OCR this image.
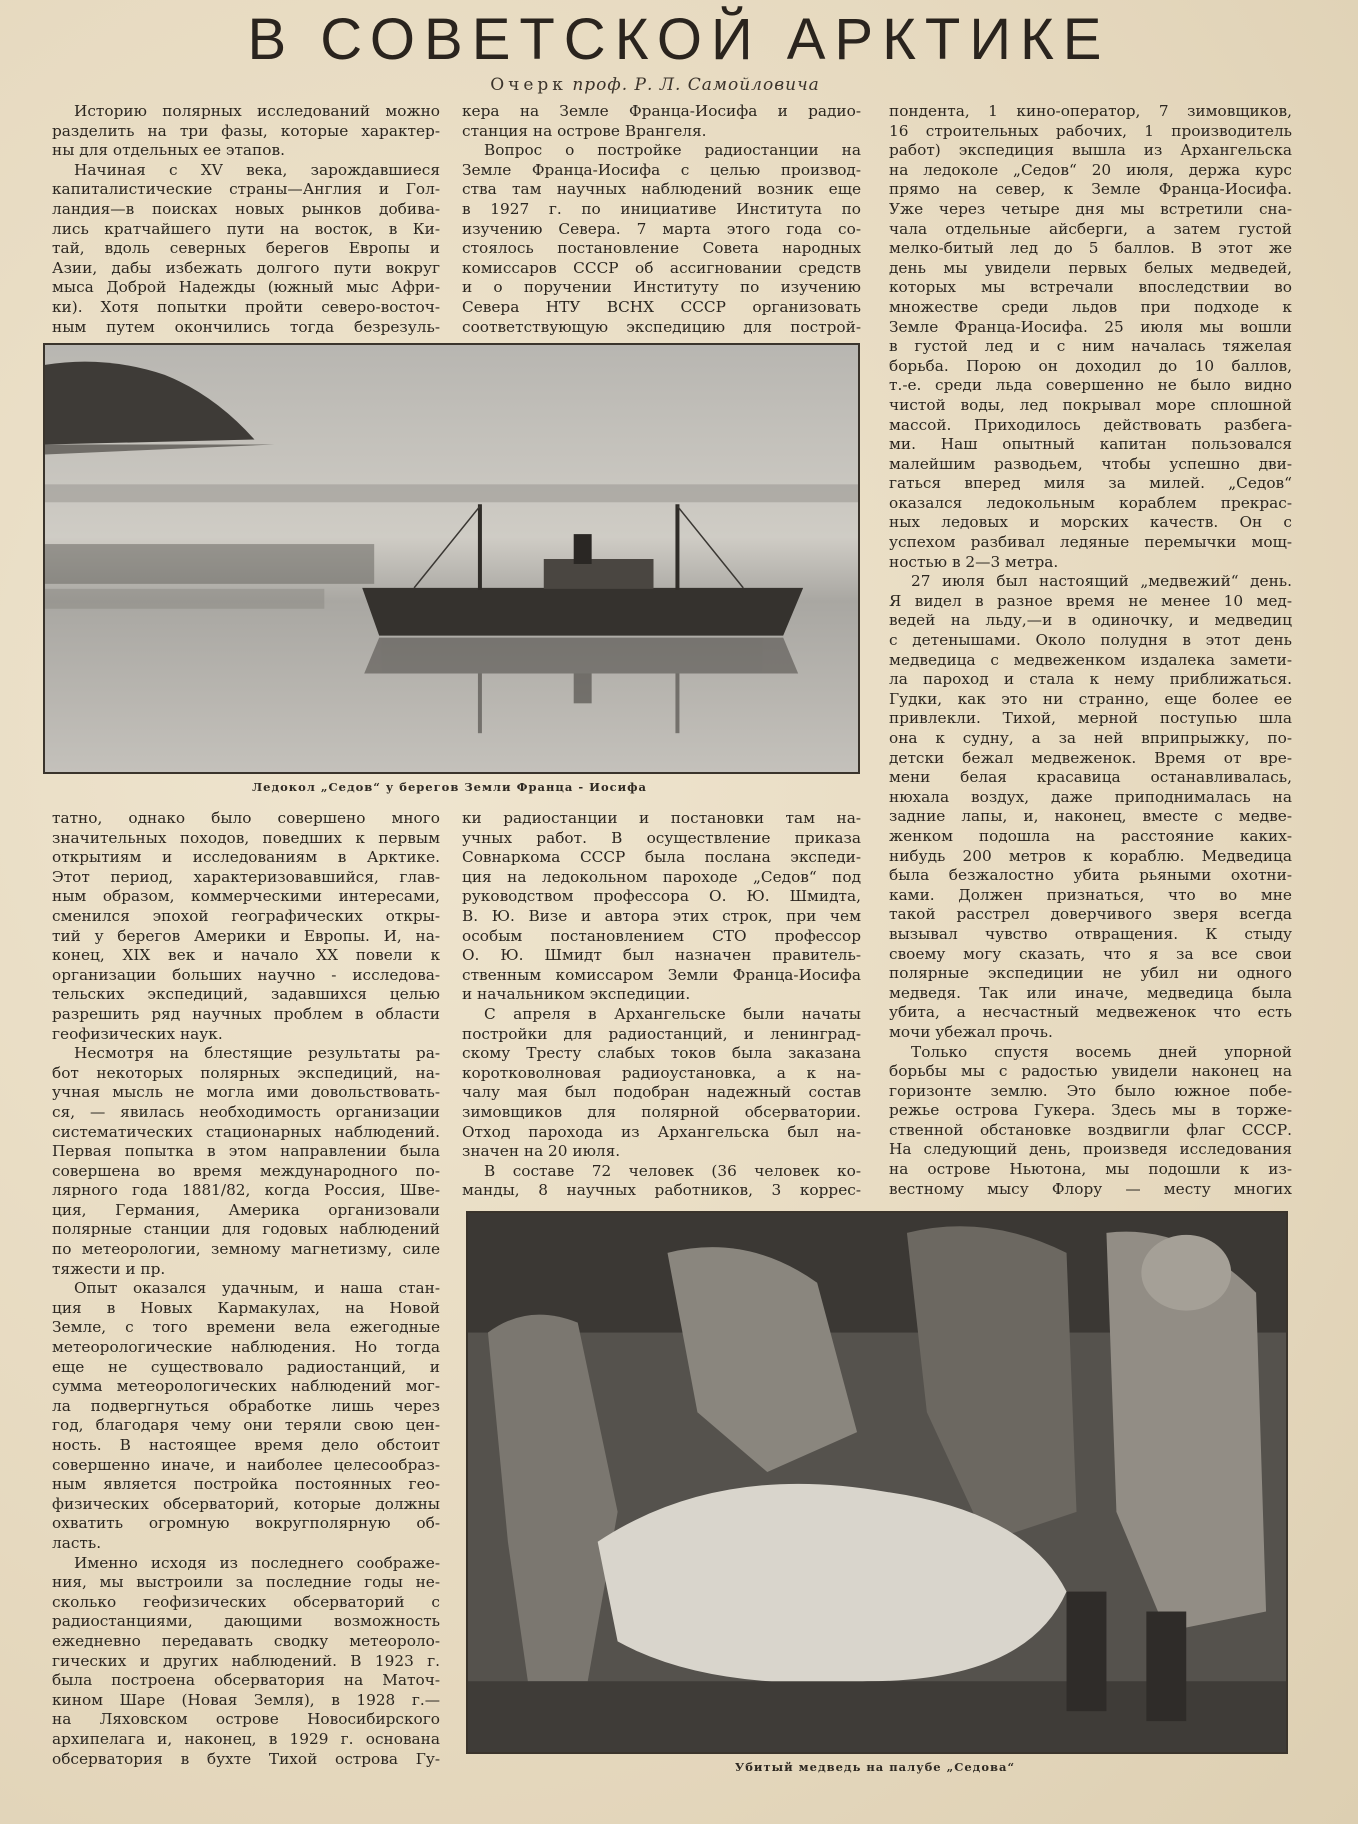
В СОВЕТСКОЙ АРКТИКЕ
Очерк проф. Р. Л. Самойловича
Историю полярных исследований можно
разделить на три фазы, которые характер-
ны для отдельных ее этапов.
Начиная с XV века, зарождавшиеся
капиталистические страны—Англия и Гол-
ландия—в поисках новых рынков добива-
лись кратчайшего пути на восток, в Ки-
тай, вдоль северных берегов Европы и
Азии, дабы избежать долгого пути вокруг
мыса Доброй Надежды (южный мыс Афри-
ки). Хотя попытки пройти северо-восточ-
ным путем окончились тогда безрезуль-
кера на Земле Франца-Иосифа и радио-
станция на острове Врангеля.
Вопрос о постройке радиостанции на
Земле Франца-Иосифа с целью производ-
ства там научных наблюдений возник еще
в 1927 г. по инициативе Института по
изучению Севера. 7 марта этого года со-
стоялось постановление Совета народных
комиссаров СССР об ассигновании средств
и о поручении Институту по изучению
Севера НТУ ВСНХ СССР организовать
соответствующую экспедицию для построй-
пондента, 1 кино-оператор, 7 зимовщиков,
16 строительных рабочих, 1 производитель
работ) экспедиция вышла из Архангельска
на ледоколе „Седов“ 20 июля, держа курс
прямо на север, к Земле Франца-Иосифа.
Уже через четыре дня мы встретили сна-
чала отдельные айсберги, а затем густой
мелко-битый лед до 5 баллов. В этот же
день мы увидели первых белых медведей,
которых мы встречали впоследствии во
множестве среди льдов при подходе к
Земле Франца-Иосифа. 25 июля мы вошли
в густой лед и с ним началась тяжелая
борьба. Порою он доходил до 10 баллов,
т.-е. среди льда совершенно не было видно
чистой воды, лед покрывал море сплошной
массой. Приходилось действовать разбега-
ми. Наш опытный капитан пользовался
малейшим разводьем, чтобы успешно дви-
гаться вперед миля за милей. „Седов“
оказался ледокольным кораблем прекрас-
ных ледовых и морских качеств. Он с
успехом разбивал ледяные перемычки мощ-
ностью в 2—3 метра.
27 июля был настоящий „медвежий“ день.
Я видел в разное время не менее 10 мед-
ведей на льду,—и в одиночку, и медведиц
с детенышами. Около полудня в этот день
медведица с медвеженком издалека замети-
ла пароход и стала к нему приближаться.
Гудки, как это ни странно, еще более ее
привлекли. Тихой, мерной поступью шла
она к судну, а за ней вприпрыжку, по-
детски бежал медвеженок. Время от вре-
мени белая красавица останавливалась,
нюхала воздух, даже приподнималась на
задние лапы, и, наконец, вместе с медве-
женком подошла на расстояние каких-
нибудь 200 метров к кораблю. Медведица
была безжалостно убита рьяными охотни-
ками. Должен признаться, что во мне
такой расстрел доверчивого зверя всегда
вызывал чувство отвращения. К стыду
своему могу сказать, что я за все свои
полярные экспедиции не убил ни одного
медведя. Так или иначе, медведица была
убита, а несчастный медвеженок что есть
мочи убежал прочь.
Только спустя восемь дней упорной
борьбы мы с радостью увидели наконец на
горизонте землю. Это было южное побе-
режье острова Гукера. Здесь мы в торже-
ственной обстановке воздвигли флаг СССР.
На следующий день, произведя исследования
на острове Ньютона, мы подошли к из-
вестному мысу Флору — месту многих
татно, однако было совершено много
значительных походов, поведших к первым
открытиям и исследованиям в Арктике.
Этот период, характеризовавшийся, глав-
ным образом, коммерческими интересами,
сменился эпохой географических откры-
тий у берегов Америки и Европы. И, на-
конец, XIX век и начало XX повели к
организации больших научно - исследова-
тельских экспедиций, задавшихся целью
разрешить ряд научных проблем в области
геофизических наук.
Несмотря на блестящие результаты ра-
бот некоторых полярных экспедиций, на-
учная мысль не могла ими довольствовать-
ся, — явилась необходимость организации
систематических стационарных наблюдений.
Первая попытка в этом направлении была
совершена во время международного по-
лярного года 1881/82, когда Россия, Шве-
ция, Германия, Америка организовали
полярные станции для годовых наблюдений
по метеорологии, земному магнетизму, силе
тяжести и пр.
Опыт оказался удачным, и наша стан-
ция в Новых Кармакулах, на Новой
Земле, с того времени вела ежегодные
метеорологические наблюдения. Но тогда
еще не существовало радиостанций, и
сумма метеорологических наблюдений мог-
ла подвергнуться обработке лишь через
год, благодаря чему они теряли свою цен-
ность. В настоящее время дело обстоит
совершенно иначе, и наиболее целесообраз-
ным является постройка постоянных гео-
физических обсерваторий, которые должны
охватить огромную вокругполярную об-
ласть.
Именно исходя из последнего соображе-
ния, мы выстроили за последние годы не-
сколько геофизических обсерваторий с
радиостанциями, дающими возможность
ежедневно передавать сводку метеороло-
гических и других наблюдений. В 1923 г.
была построена обсерватория на Маточ-
кином Шаре (Новая Земля), в 1928 г.—
на Ляховском острове Новосибирского
архипелага и, наконец, в 1929 г. основана
обсерватория в бухте Тихой острова Гу-
ки радиостанции и постановки там на-
учных работ. В осуществление приказа
Совнаркома СССР была послана экспеди-
ция на ледокольном пароходе „Седов“ под
руководством профессора О. Ю. Шмидта,
В. Ю. Визе и автора этих строк, при чем
особым постановлением СТО профессор
О. Ю. Шмидт был назначен правитель-
ственным комиссаром Земли Франца-Иосифа
и начальником экспедиции.
С апреля в Архангельске были начаты
постройки для радиостанций, и ленинград-
скому Тресту слабых токов была заказана
коротковолновая радиоустановка, а к на-
чалу мая был подобран надежный состав
зимовщиков для полярной обсерватории.
Отход парохода из Архангельска был на-
значен на 20 июля.
В составе 72 человек (36 человек ко-
манды, 8 научных работников, 3 коррес-
Ледокол „Седов“ у берегов Земли Франца - Иосифа
Убитый медведь на палубе „Седова“
